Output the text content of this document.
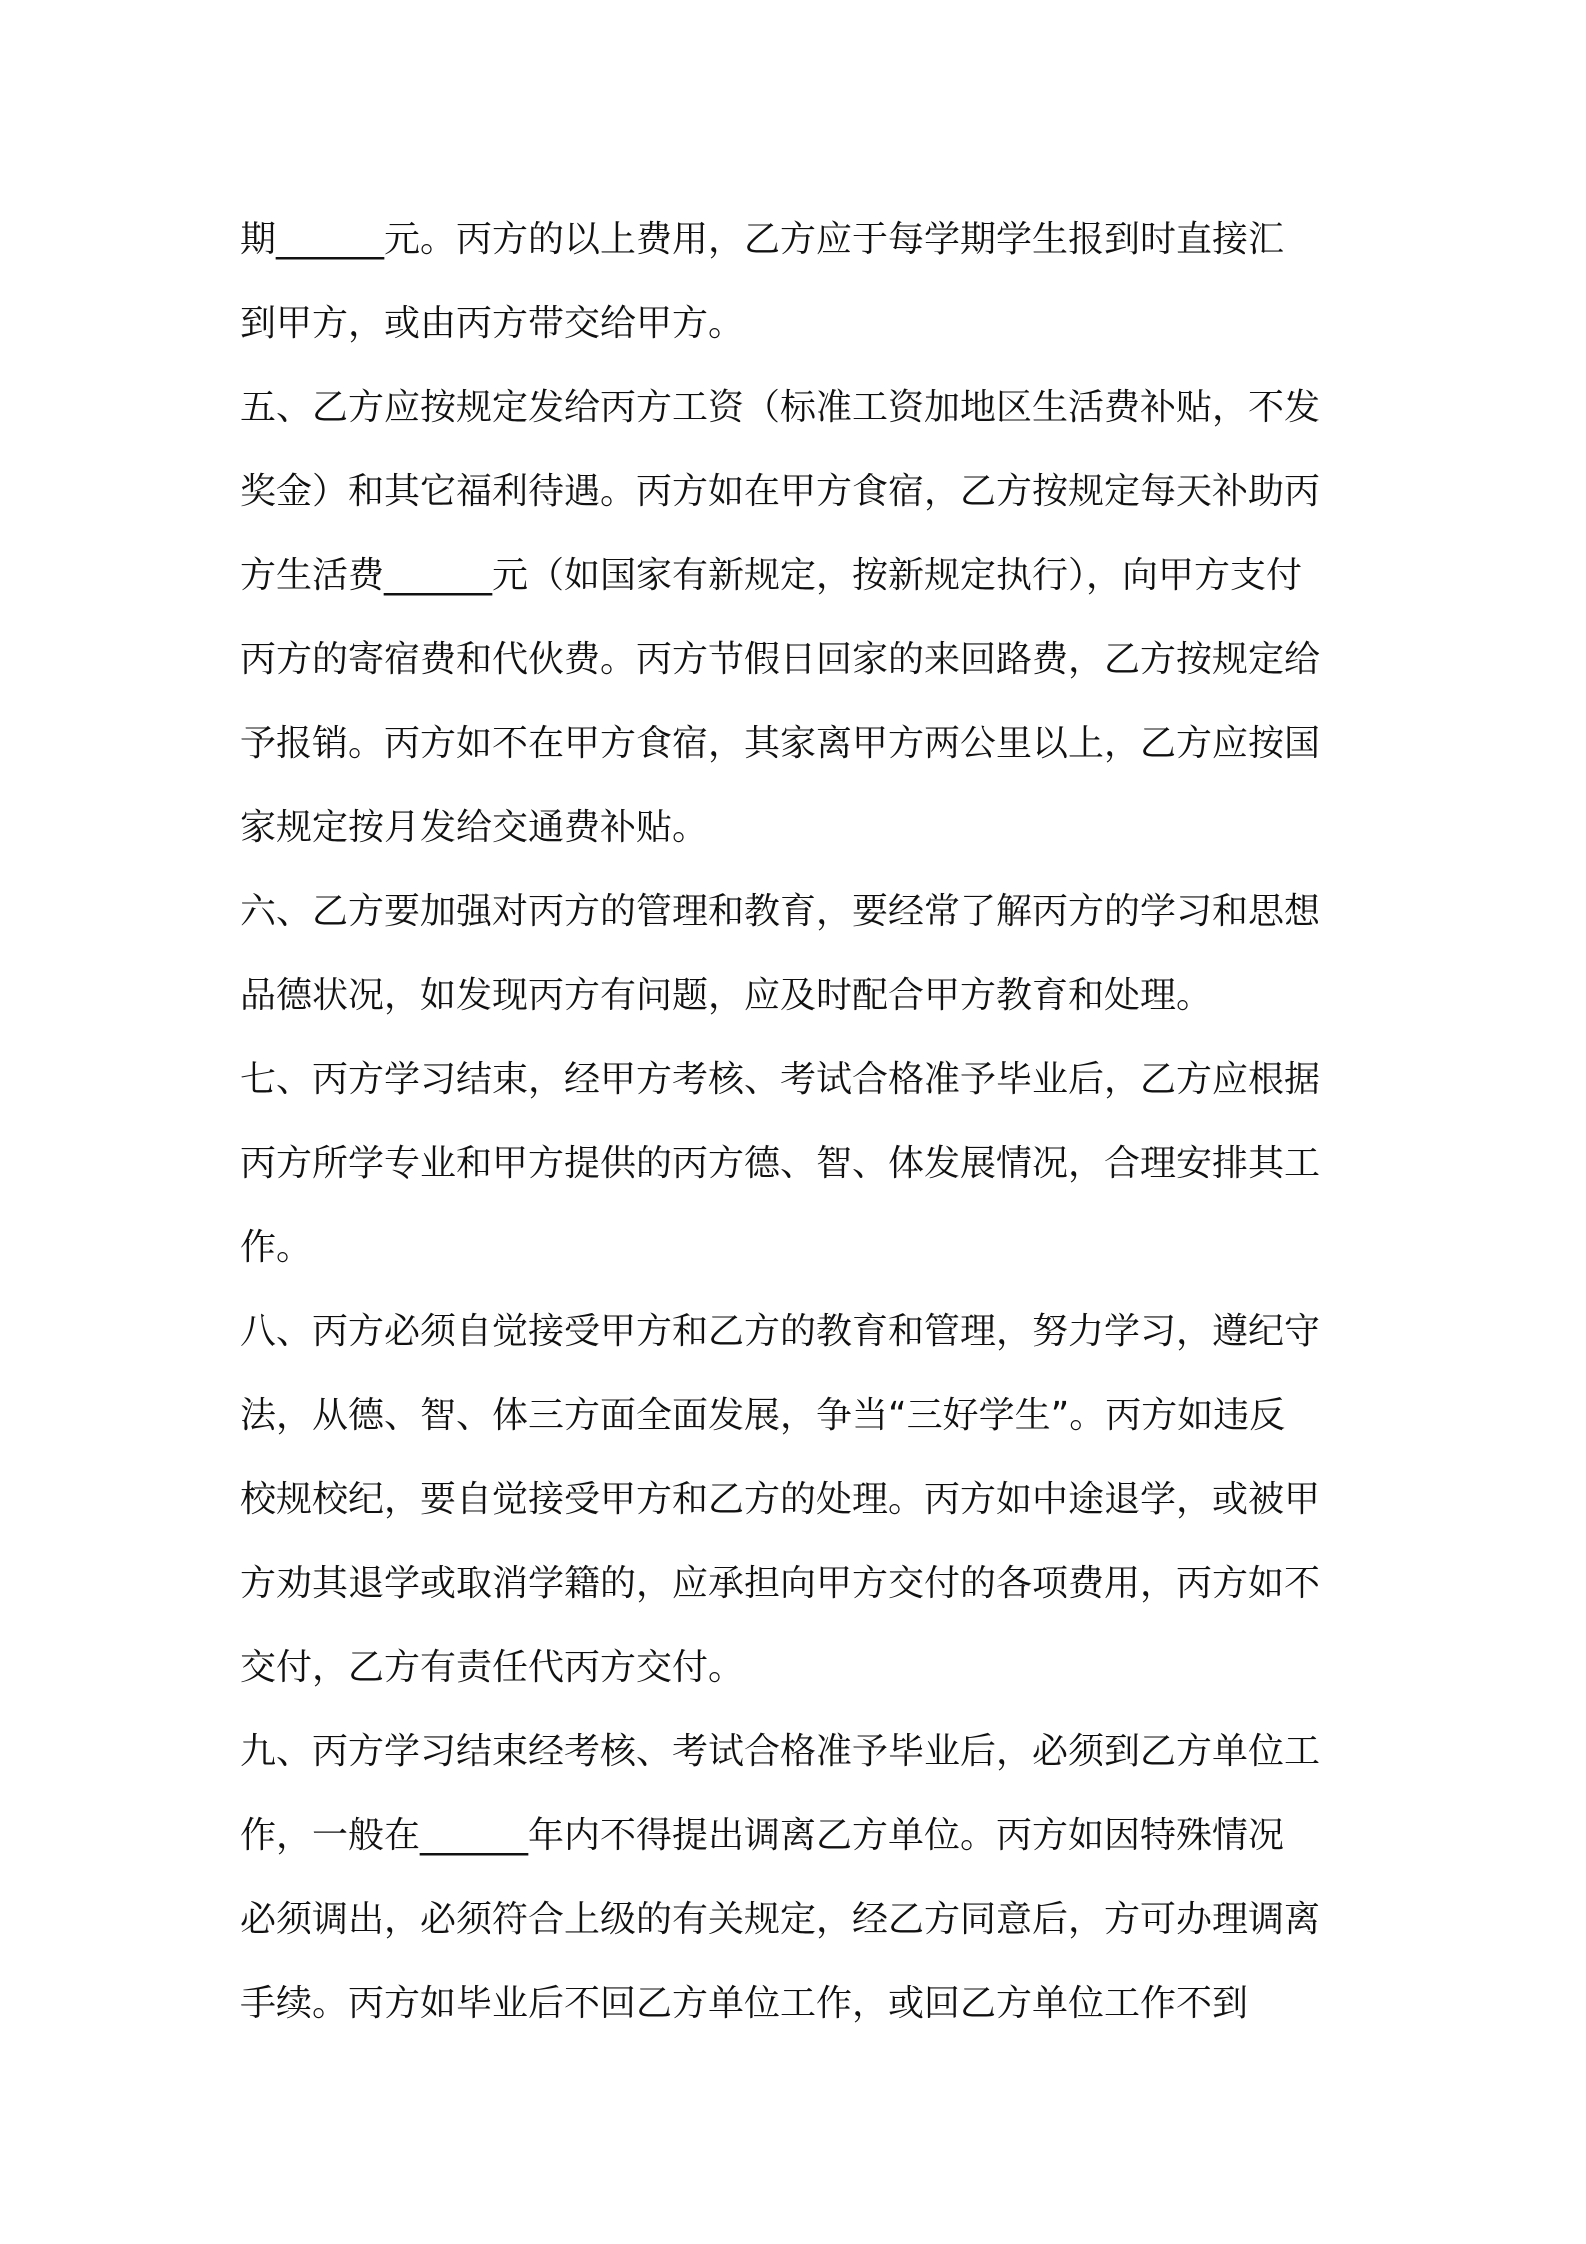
期______元。丙方的以上费用，乙方应于每学期学生报到时直接汇
到甲方，或由丙方带交给甲方。
五、乙方应按规定发给丙方工资（标准工资加地区生活费补贴，不发
奖金）和其它福利待遇。丙方如在甲方食宿，乙方按规定每天补助丙
方生活费______元（如国家有新规定，按新规定执行），向甲方支付
丙方的寄宿费和代伙费。丙方节假日回家的来回路费，乙方按规定给
予报销。丙方如不在甲方食宿，其家离甲方两公里以上，乙方应按国
家规定按月发给交通费补贴。
六、乙方要加强对丙方的管理和教育，要经常了解丙方的学习和思想
品德状况，如发现丙方有问题，应及时配合甲方教育和处理。
七、丙方学习结束，经甲方考核、考试合格准予毕业后，乙方应根据
丙方所学专业和甲方提供的丙方德、智、体发展情况，合理安排其工
作。
八、丙方必须自觉接受甲方和乙方的教育和管理，努力学习，遵纪守
法，从德、智、体三方面全面发展，争当“三好学生”。丙方如违反
校规校纪，要自觉接受甲方和乙方的处理。丙方如中途退学，或被甲
方劝其退学或取消学籍的，应承担向甲方交付的各项费用，丙方如不
交付，乙方有责任代丙方交付。
九、丙方学习结束经考核、考试合格准予毕业后，必须到乙方单位工
作，一般在______年内不得提出调离乙方单位。丙方如因特殊情况
必须调出，必须符合上级的有关规定，经乙方同意后，方可办理调离
手续。丙方如毕业后不回乙方单位工作，或回乙方单位工作不到
